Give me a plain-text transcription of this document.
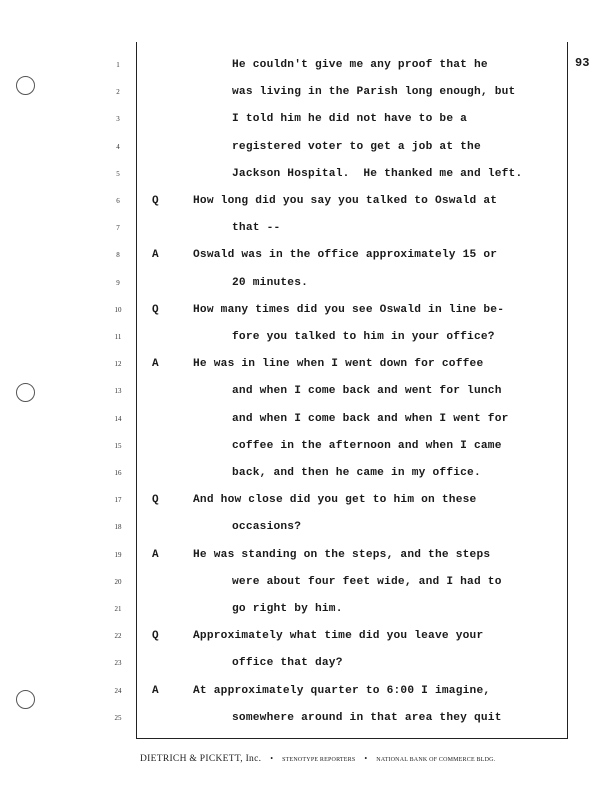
93
1	He couldn't give me any proof that he
2	was living in the Parish long enough, but
3	I told him he did not have to be a
4	registered voter to get a job at the
5	Jackson Hospital.  He thanked me and left.
6	Q	How long did you say you talked to Oswald at
7	that --
8	A	Oswald was in the office approximately 15 or
9	20 minutes.
10	Q	How many times did you see Oswald in line be-
11	fore you talked to him in your office?
12	A	He was in line when I went down for coffee
13	and when I come back and went for lunch
14	and when I come back and when I went for
15	coffee in the afternoon and when I came
16	back, and then he came in my office.
17	Q	And how close did you get to him on these
18	occasions?
19	A	He was standing on the steps, and the steps
20	were about four feet wide, and I had to
21	go right by him.
22	Q	Approximately what time did you leave your
23	office that day?
24	A	At approximately quarter to 6:00 I imagine,
25	somewhere around in that area they quit
DIETRICH & PICKETT, Inc. • STENOTYPE REPORTERS • NATIONAL BANK OF COMMERCE BLDG.
